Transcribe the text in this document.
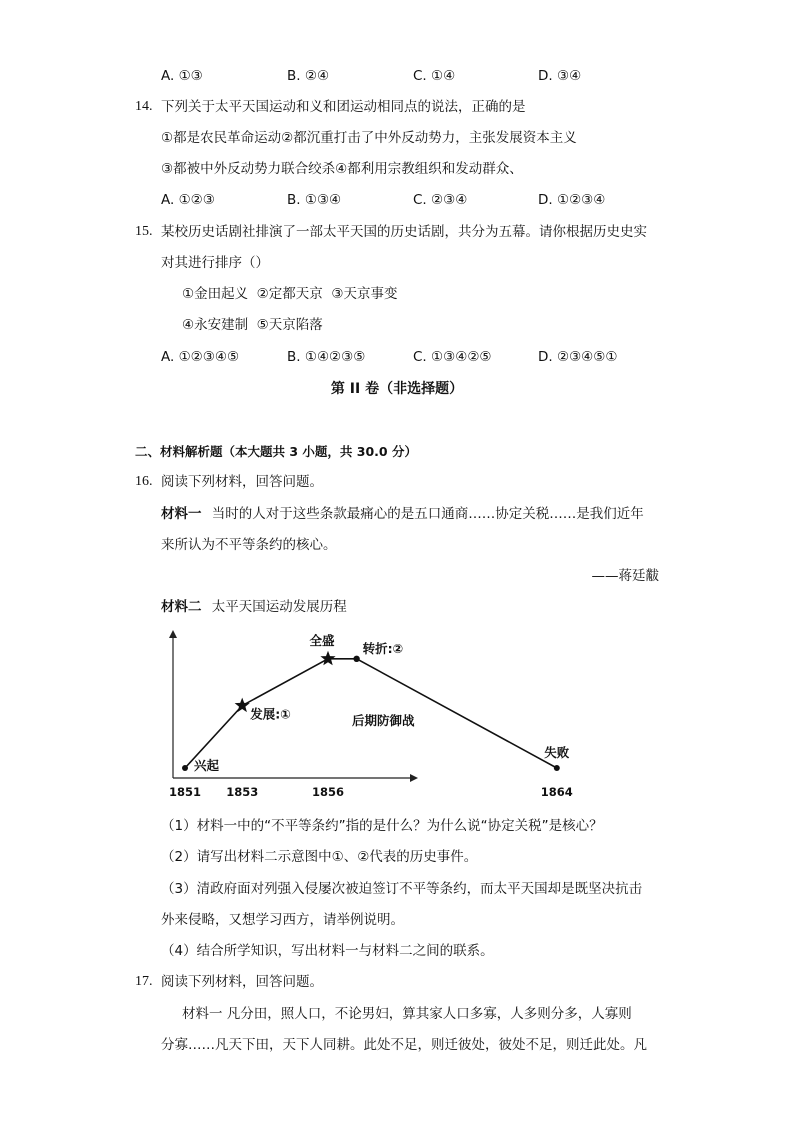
A. ①③	B. ②④	C. ①④	D. ③④
14. 下列关于太平天国运动和义和团运动相同点的说法，正确的是
①都是农民革命运动②都沉重打击了中外反动势力，主张发展资本主义
③都被中外反动势力联合绞杀④都利用宗教组织和发动群众、
A. ①②③	B. ①③④	C. ②③④	D. ①②③④
15. 某校历史话剧社排演了一部太平天国的历史话剧，共分为五幕。请你根据历史史实
对其进行排序（）
①金田起义  ②定都天京  ③天京事变
④永安建制  ⑤天京陷落
A. ①②③④⑤	B. ①④②③⑤	C. ①③④②⑤	D. ②③④⑤①
第 II 卷（非选择题）
二、材料解析题（本大题共 3 小题，共 30.0 分）
16. 阅读下列材料，回答问题。
材料一 当时的人对于这些条款最痛心的是五口通商……协定关税……是我们近年
来所认为不平等条约的核心。
——蒋廷黻
材料二 太平天国运动发展历程
1851 1853	1856	1864
兴起
发展:①
全盛
转折:②
后期防御战
失败
（1）材料一中的“不平等条约”指的是什么？为什么说“协定关税”是核心？
（2）请写出材料二示意图中①、②代表的历史事件。
（3）清政府面对列强入侵屡次被迫签订不平等条约，而太平天国却是既坚决抗击
外来侵略，又想学习西方，请举例说明。
（4）结合所学知识，写出材料一与材料二之间的联系。
17. 阅读下列材料，回答问题。
材料一 凡分田，照人口，不论男妇，算其家人口多寡，人多则分多，人寡则
分寡……凡天下田，天下人同耕。此处不足，则迁彼处，彼处不足，则迁此处。凡
